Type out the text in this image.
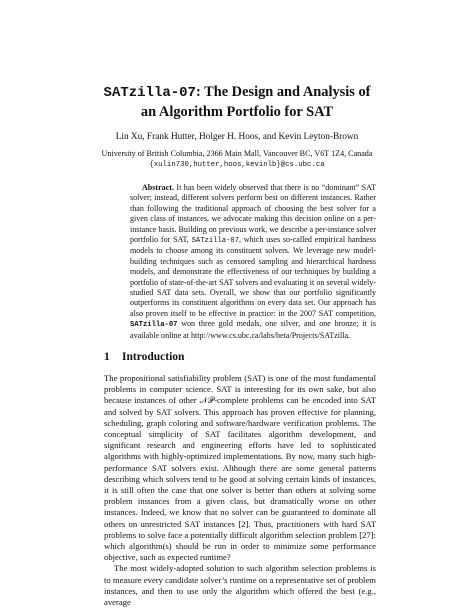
SATzilla-07: The Design and Analysis of
an Algorithm Portfolio for SAT
Lin Xu, Frank Hutter, Holger H. Hoos, and Kevin Leyton-Brown
University of British Columbia, 2366 Main Mall, Vancouver BC, V6T 1Z4, Canada
{xulin730,hutter,hoos,kevinlb}@cs.ubc.ca

Abstract. It has been widely observed that there is no “dominant” SAT solver; instead, different solvers perform best on different instances. Rather than following the traditional approach of choosing the best solver for a given class of instances, we advocate making this decision online on a per-instance basis. Building on previous work, we describe a per-instance solver portfolio for SAT, SATzilla-07, which uses so-called empirical hardness models to choose among its constituent solvers. We leverage new model-building techniques such as censored sampling and hierarchical hardness models, and demonstrate the effectiveness of our techniques by building a portfolio of state-of-the-art SAT solvers and evaluating it on several widely-studied SAT data sets. Overall, we show that our portfolio significantly outperforms its constituent algorithms on every data set. Our approach has also proven itself to be effective in practice: in the 2007 SAT competition, SATzilla-07 won three gold medals, one silver, and one bronze; it is available online at http://www.cs.ubc.ca/labs/beta/Projects/SATzilla.

1 Introduction

The propositional satisfiability problem (SAT) is one of the most fundamental problems in computer science. SAT is interesting for its own sake, but also because instances of other 𝒩𝒫-complete problems can be encoded into SAT and solved by SAT solvers. This approach has proven effective for planning, scheduling, graph coloring and software/hardware verification problems. The conceptual simplicity of SAT facilitates algorithm development, and significant research and engineering efforts have led to sophisticated algorithms with highly-optimized implementations. By now, many such high-performance SAT solvers exist. Although there are some general patterns describing which solvers tend to be good at solving certain kinds of instances, it is still often the case that one solver is better than others at solving some problem instances from a given class, but dramatically worse on other instances. Indeed, we know that no solver can be guaranteed to dominate all others on unrestricted SAT instances [2]. Thus, practitioners with hard SAT problems to solve face a potentially difficult algorithm selection problem [27]: which algorithm(s) should be run in order to minimize some performance objective, such as expected runtime?

The most widely-adopted solution to such algorithm selection problems is to measure every candidate solver’s runtime on a representative set of problem instances, and then to use only the algorithm which offered the best (e.g., average
